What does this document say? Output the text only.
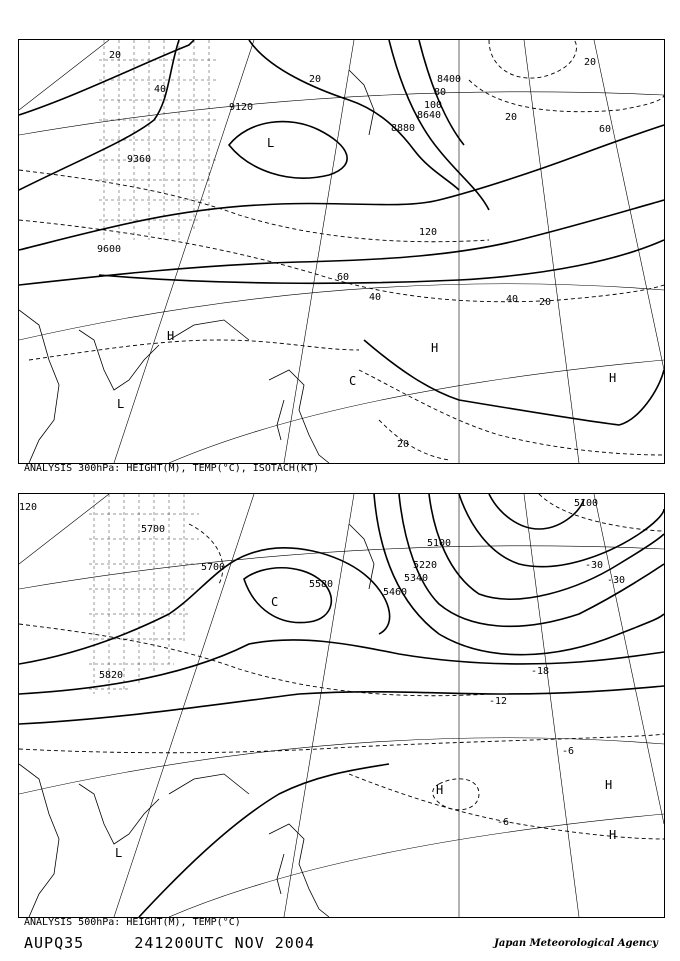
9120
9360
9600
8880
8640
8400
20
20
20
20
20
20
40
40
40
60
60
80
100
120
L
C
H
H
H
L
ANALYSIS 300hPa: HEIGHT(M), TEMP(°C), ISOTACH(KT)
120
5700
5700
5820
5580
5460
5340
5220
5100
5100
-30
-18
-12
-6
-6
-30
C
H	H
H
L
ANALYSIS 500hPa: HEIGHT(M), TEMP(°C)
AUPQ35	241200UTC NOV 2004	Japan Meteorological Agency
